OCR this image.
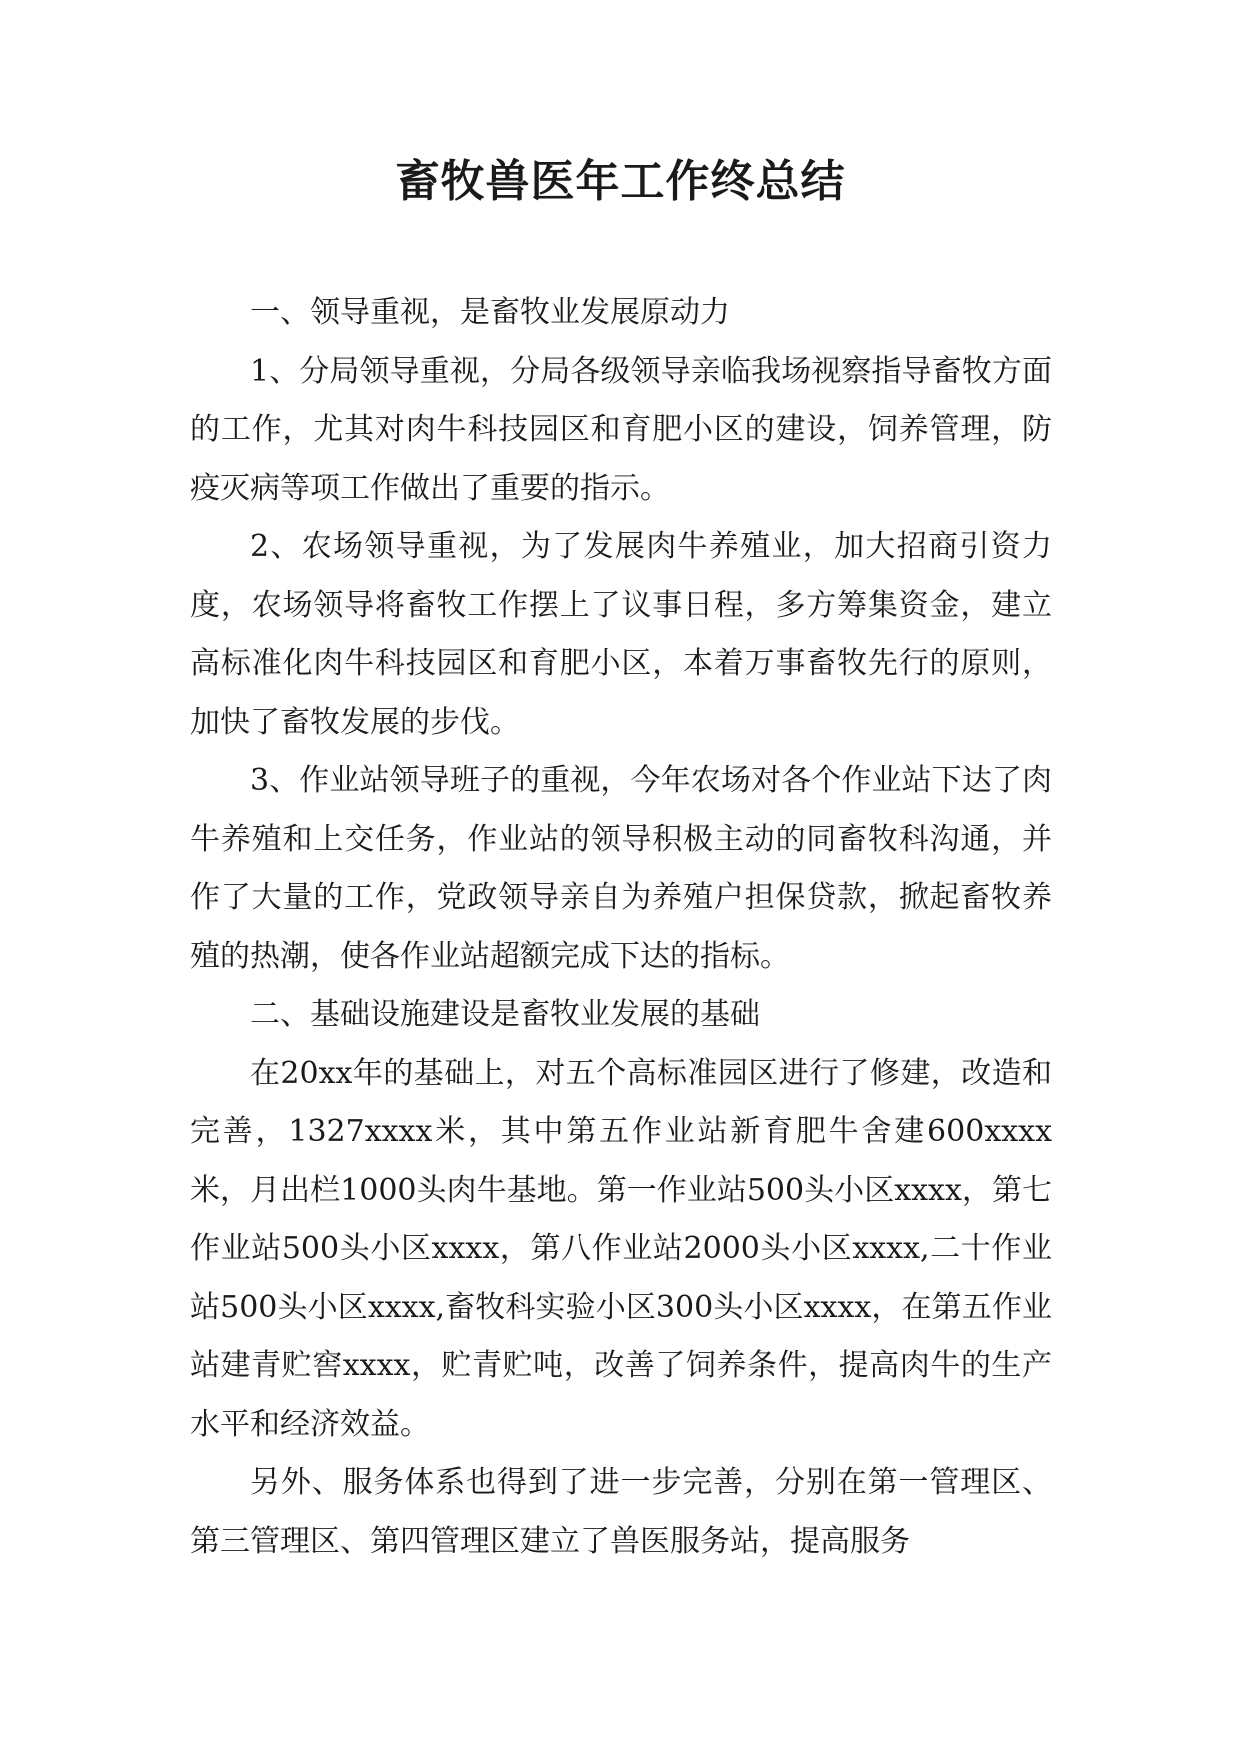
畜牧兽医年工作终总结

一、领导重视，是畜牧业发展原动力

1、分局领导重视，分局各级领导亲临我场视察指导畜牧方面的工作，尤其对肉牛科技园区和育肥小区的建设，饲养管理，防疫灭病等项工作做出了重要的指示。

2、农场领导重视，为了发展肉牛养殖业，加大招商引资力度，农场领导将畜牧工作摆上了议事日程，多方筹集资金，建立高标准化肉牛科技园区和育肥小区，本着万事畜牧先行的原则，加快了畜牧发展的步伐。

3、作业站领导班子的重视，今年农场对各个作业站下达了肉牛养殖和上交任务，作业站的领导积极主动的同畜牧科沟通，并作了大量的工作，党政领导亲自为养殖户担保贷款，掀起畜牧养殖的热潮，使各作业站超额完成下达的指标。

二、基础设施建设是畜牧业发展的基础

在20xx年的基础上，对五个高标准园区进行了修建，改造和完善，1327xxxx米，其中第五作业站新育肥牛舍建600xxxx米，月出栏1000头肉牛基地。第一作业站500头小区xxxx，第七作业站500头小区xxxx，第八作业站2000头小区xxxx,二十作业站500头小区xxxx,畜牧科实验小区300头小区xxxx，在第五作业站建青贮窖xxxx，贮青贮吨，改善了饲养条件，提高肉牛的生产水平和经济效益。

另外、服务体系也得到了进一步完善，分别在第一管理区、第三管理区、第四管理区建立了兽医服务站，提高服务
